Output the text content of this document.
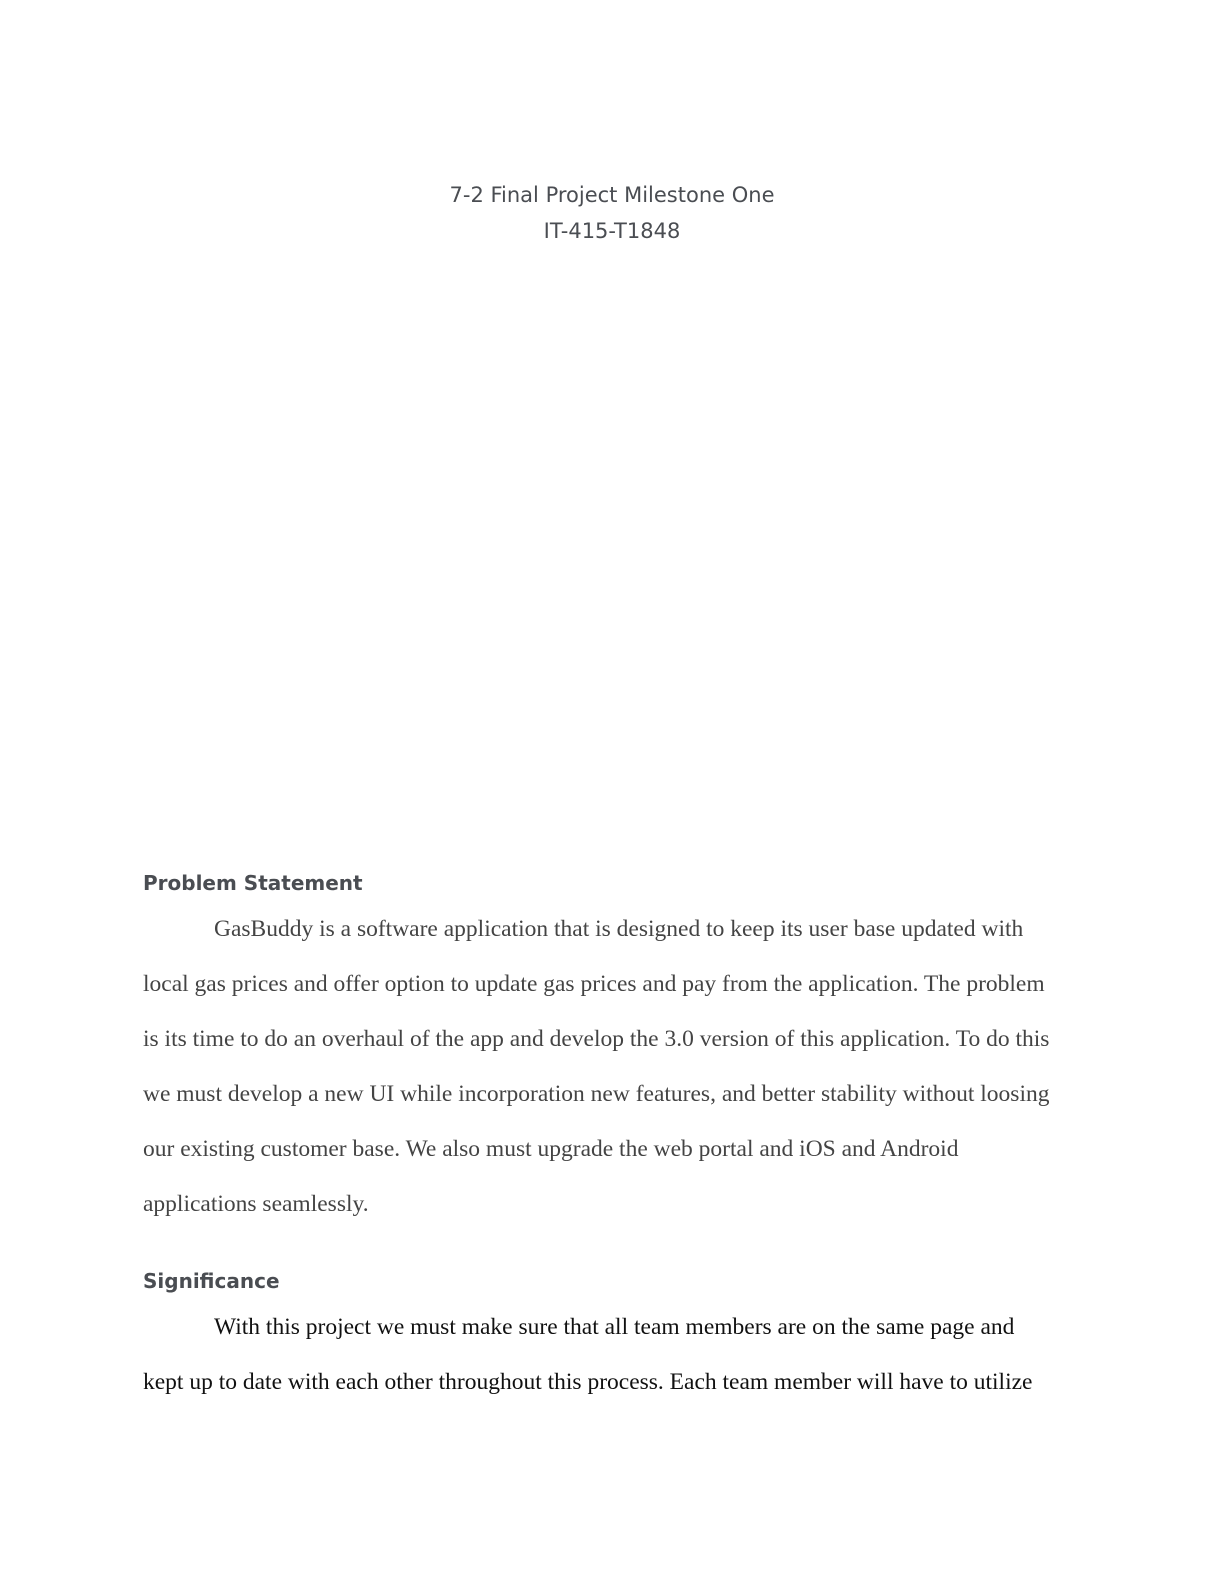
7-2 Final Project Milestone One
IT-415-T1848
Problem Statement
GasBuddy is a software application that is designed to keep its user base updated with
local gas prices and offer option to update gas prices and pay from the application. The problem
is its time to do an overhaul of the app and develop the 3.0 version of this application. To do this
we must develop a new UI while incorporation new features, and better stability without loosing
our existing customer base. We also must upgrade the web portal and iOS and Android
applications seamlessly.
Significance
With this project we must make sure that all team members are on the same page and
kept up to date with each other throughout this process. Each team member will have to utilize
